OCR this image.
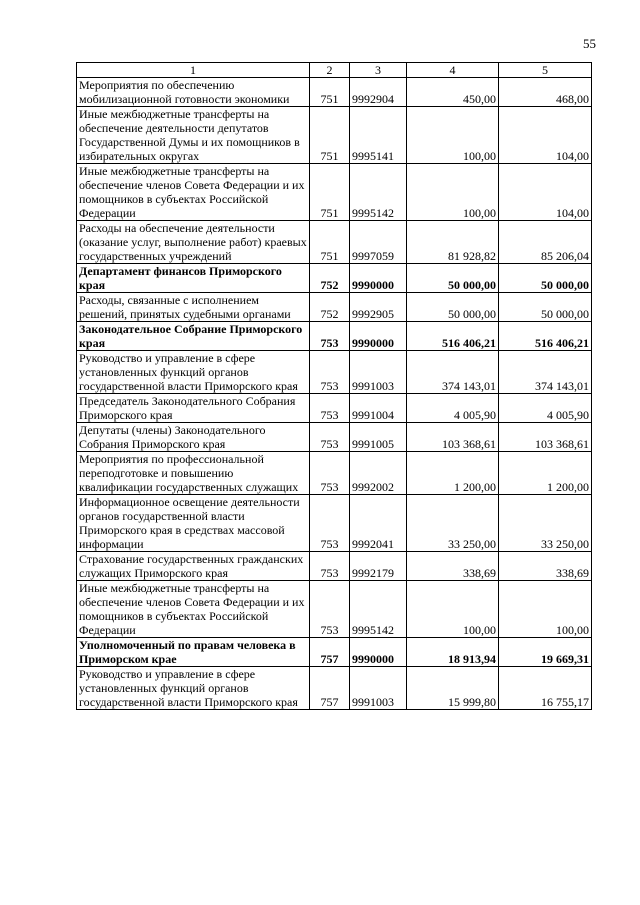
55
1	2	3	4	5
Мероприятия по обеспечению мобилизационной готовности экономики	751	9992904	450,00	468,00
Иные межбюджетные трансферты на обеспечение деятельности депутатов Государственной Думы и их помощников в избирательных округах	751	9995141	100,00	104,00
Иные межбюджетные трансферты на обеспечение членов Совета Федерации и их помощников в субъектах Российской Федерации	751	9995142	100,00	104,00
Расходы на обеспечение деятельности (оказание услуг, выполнение работ) краевых государственных учреждений	751	9997059	81 928,82	85 206,04
Департамент финансов Приморского края	752	9990000	50 000,00	50 000,00
Расходы, связанные с исполнением решений, принятых судебными органами	752	9992905	50 000,00	50 000,00
Законодательное Собрание Приморского края	753	9990000	516 406,21	516 406,21
Руководство и управление в сфере установленных функций органов государственной власти Приморского края	753	9991003	374 143,01	374 143,01
Председатель Законодательного Собрания Приморского края	753	9991004	4 005,90	4 005,90
Депутаты (члены) Законодательного Собрания Приморского края	753	9991005	103 368,61	103 368,61
Мероприятия по профессиональной переподготовке и повышению квалификации государственных служащих	753	9992002	1 200,00	1 200,00
Информационное освещение деятельности органов государственной власти Приморского края в средствах массовой информации	753	9992041	33 250,00	33 250,00
Страхование государственных гражданских служащих Приморского края	753	9992179	338,69	338,69
Иные межбюджетные трансферты на обеспечение членов Совета Федерации и их помощников в субъектах Российской Федерации	753	9995142	100,00	100,00
Уполномоченный по правам человека в Приморском крае	757	9990000	18 913,94	19 669,31
Руководство и управление в сфере установленных функций органов государственной власти Приморского края	757	9991003	15 999,80	16 755,17
